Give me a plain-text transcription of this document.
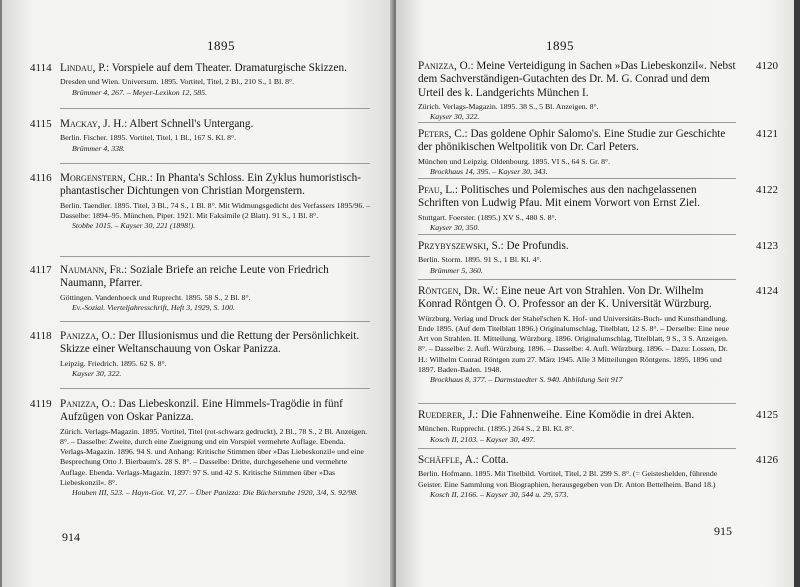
1895
4114 Lindau, P.: Vorspiele auf dem Theater. Dramaturgische Skizzen.

Dresden und Wien. Universum. 1895. Vortitel, Titel, 2 Bl., 210 S., 1 Bl. 8°.
Brümmer 4, 267. – Meyer-Lexikon 12, 585.
4115 Mackay, J. H.: Albert Schnell's Untergang.

Berlin. Fischer. 1895. Vortitel, Titel, 1 Bl., 167 S. Kl. 8°.
Brümmer 4, 338.
4116 Morgenstern, Chr.: In Phanta's Schloss. Ein Zyklus humoristisch-phantastischer Dichtungen von Christian Morgenstern.

Berlin. Taendler. 1895. Titel, 3 Bl., 74 S., 1 Bl. 8°. Mit Widmungsgedicht des Verfassers 1895/96. – Dasselbe: 1894–95. München. Piper. 1921. Mit Faksimile (2 Blatt). 91 S., 1 Bl. 8°.
Stobbe 1015. – Kayser 30, 221 (1898!).
4117 Naumann, Fr.: Soziale Briefe an reiche Leute von Friedrich Naumann, Pfarrer.

Göttingen. Vandenhoeck und Ruprecht. 1895. 58 S., 2 Bl. 8°.
Ev.-Sozial. Vierteljahresschrift, Heft 3, 1929, S. 100.
4118 Panizza, O.: Der Illusionismus und die Rettung der Persönlichkeit. Skizze einer Weltanschauung von Oskar Panizza.

Leipzig. Friedrich. 1895. 62 S. 8°.
Kayser 30, 322.
4119 Panizza, O.: Das Liebeskonzil. Eine Himmels-Tragödie in fünf Aufzügen von Oskar Panizza.

Zürich. Verlags-Magazin. 1895. Vortitel, Titel (rot-schwarz gedruckt), 2 Bl., 78 S., 2 Bl. Anzeigen. 8°. – Dasselbe: Zweite, durch eine Zueignung und ein Vorspiel vermehrte Auflage. Ebenda. Verlags-Magazin. 1896. 94 S. und Anhang: Kritische Stimmen über »Das Liebeskonzil« und eine Besprechung Otto J. Bierbaum's. 28 S. 8°. – Dasselbe: Dritte, durchgesehene und vermehrte Auflage. Ebenda. Verlags-Magazin. 1897: 97 S. und 42 S. Kritische Stimmen über »Das Liebeskonzil«. 8°.
Houben III, 523. – Hayn-Got. VI, 27. – Über Panizza: Die Bücherstube 1920, 3/4, S. 92/98.
914
1895
4120

Panizza, O.: Meine Verteidigung in Sachen »Das Liebeskonzil«. Nebst dem Sachverständigen-Gutachten des Dr. M. G. Conrad und dem Urteil des k. Landgerichts München I.

Zürich. Verlags-Magazin. 1895. 38 S., 5 Bl. Anzeigen. 8°.
Kayser 30, 322.
4121

Peters, C.: Das goldene Ophir Salomo's. Eine Studie zur Geschichte der phönikischen Weltpolitik von Dr. Carl Peters.

München und Leipzig. Oldenbourg. 1895. VI S., 64 S. Gr. 8°.
Brockhaus 14, 395. – Kayser 30, 343.
4122

Pfau, L.: Politisches und Polemisches aus den nachgelassenen Schriften von Ludwig Pfau. Mit einem Vorwort von Ernst Ziel.

Stuttgart. Foerster. (1895.) XV S., 480 S. 8°.
Kayser 30, 350.
4123

Przybyszewski, S.: De Profundis.

Berlin. Storm. 1895. 91 S., 1 Bl. Kl. 4°.
Brümmer 5, 360.
4124

Röntgen, Dr. W.: Eine neue Art von Strahlen. Von Dr. Wilhelm Konrad Röntgen Ö. O. Professor an der K. Universität Würzburg.

Würzburg. Verlag und Druck der Stahel'schen K. Hof- und Universitäts-Buch- und Kunsthandlung. Ende 1895. (Auf dem Titelblatt 1896.) Originalumschlag, Titelblatt, 12 S. 8°. – Derselbe: Eine neue Art von Strahlen. II. Mitteilung. Würzburg. 1896. Originalumschlag, Titelblatt, 9 S., 3 S. Anzeigen. 8°. – Dasselbe: 2. Aufl. Würzburg. 1896. – Dasselbe: 4. Aufl. Würzburg. 1896. – Dazu: Lossen, Dr. H.: Wilhelm Conrad Röntgen zum 27. März 1945. Alle 3 Mitteilungen Röntgens. 1895, 1896 und 1897. Baden-Baden. 1948.
Brockhaus 8, 377. – Darmstaedter S. 940. Abbildung Seit 917
4125

Ruederer, J.: Die Fahnenweihe. Eine Komödie in drei Akten.

München. Rupprecht. (1895.) 264 S., 2 Bl. Kl. 8°.
Kosch II, 2103. – Kayser 30, 497.
4126

Schäffle, A.: Cotta.

Berlin. Hofmann. 1895. Mit Titelbild. Vortitel, Titel, 2 Bl. 299 S. 8°. (= Geisteshelden, führende Geister. Eine Sammlung von Biographien, herausgegeben von Dr. Anton Bettelheim. Band 18.)
Kosch II, 2166. – Kayser 30, 544 u. 29, 573.
915
